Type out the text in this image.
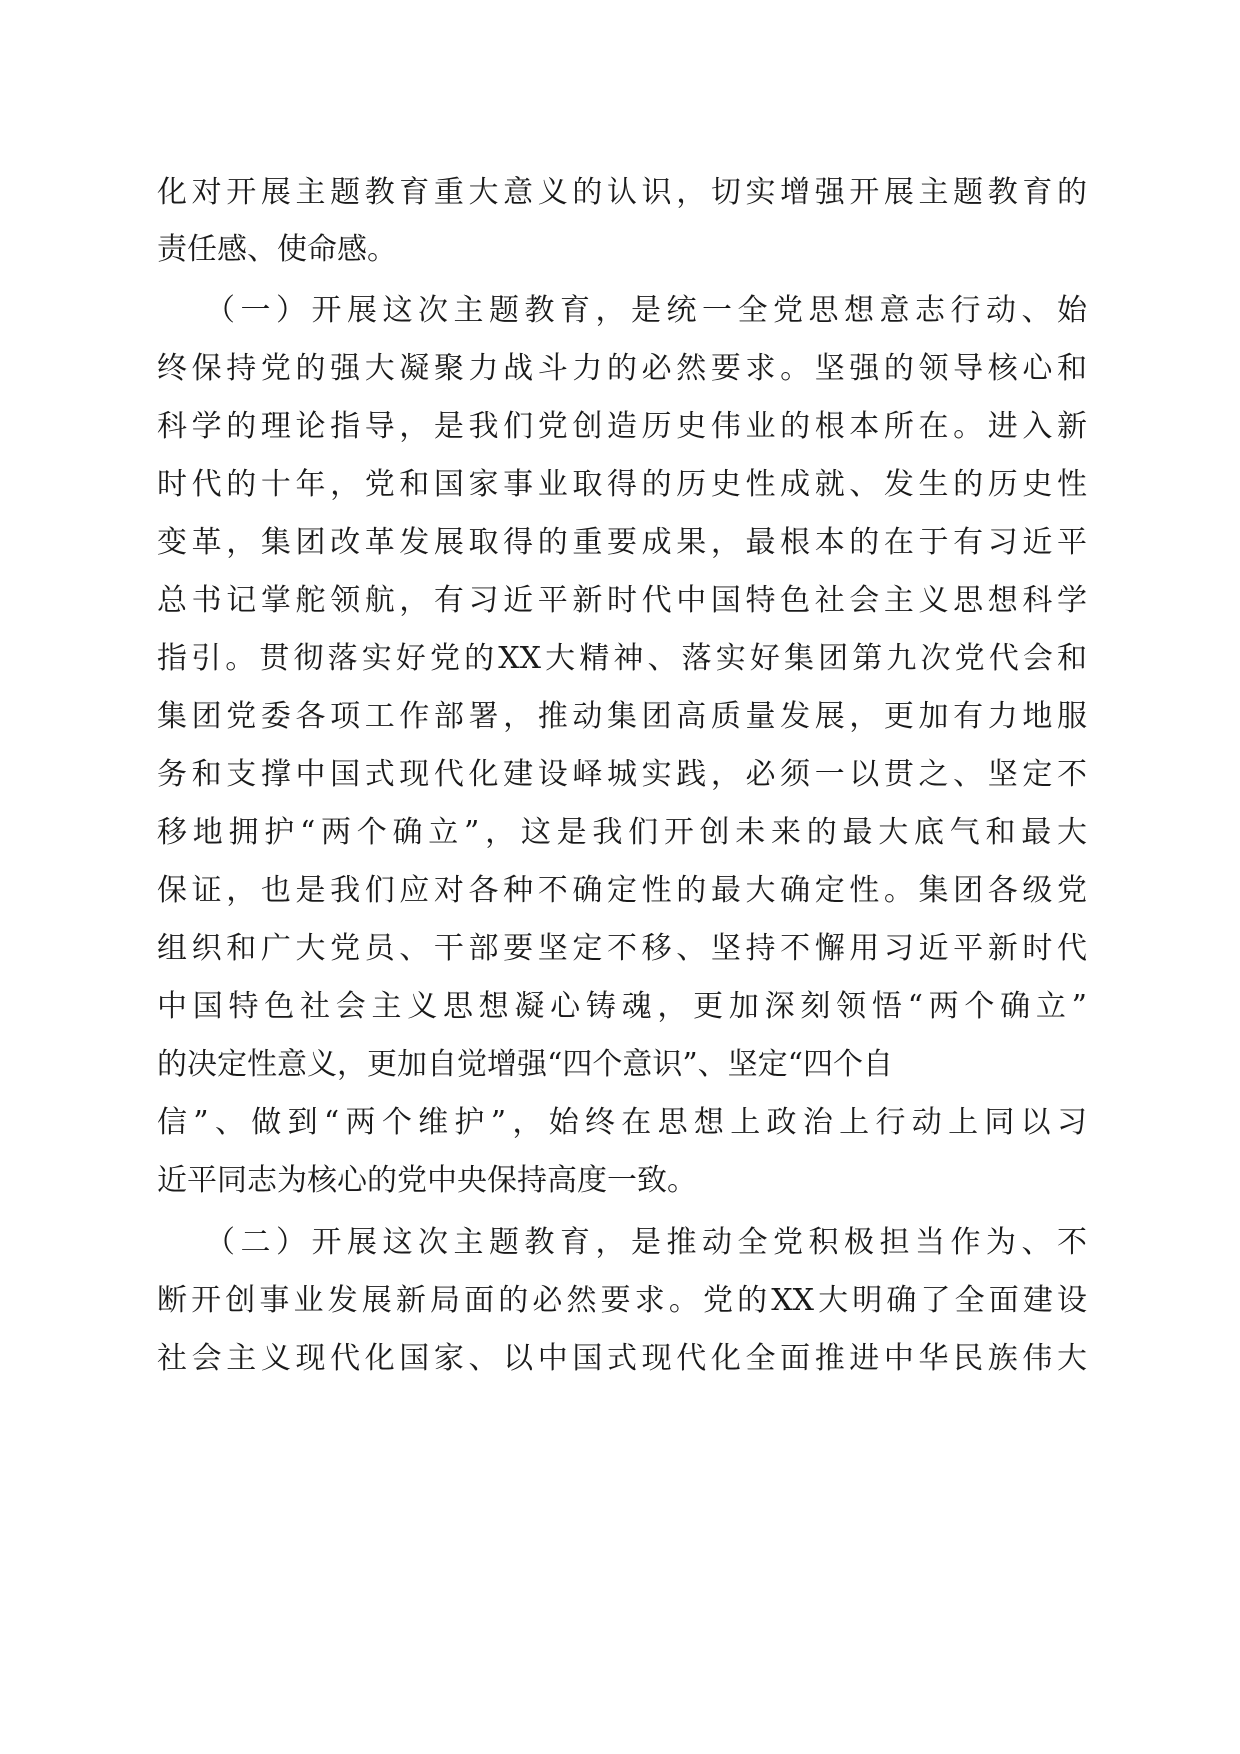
化对开展主题教育重大意义的认识，切实增强开展主题教育的
责任感、使命感。
（一）开展这次主题教育，是统一全党思想意志行动、始
终保持党的强大凝聚力战斗力的必然要求。坚强的领导核心和
科学的理论指导，是我们党创造历史伟业的根本所在。进入新
时代的十年，党和国家事业取得的历史性成就、发生的历史性
变革，集团改革发展取得的重要成果，最根本的在于有习近平
总书记掌舵领航，有习近平新时代中国特色社会主义思想科学
指引。贯彻落实好党的XX大精神、落实好集团第九次党代会和
集团党委各项工作部署，推动集团高质量发展，更加有力地服
务和支撑中国式现代化建设峄城实践，必须一以贯之、坚定不
移地拥护“两个确立”，这是我们开创未来的最大底气和最大
保证，也是我们应对各种不确定性的最大确定性。集团各级党
组织和广大党员、干部要坚定不移、坚持不懈用习近平新时代
中国特色社会主义思想凝心铸魂，更加深刻领悟“两个确立”
的决定性意义，更加自觉增强“四个意识”、坚定“四个自
信”、做到“两个维护”，始终在思想上政治上行动上同以习
近平同志为核心的党中央保持高度一致。
（二）开展这次主题教育，是推动全党积极担当作为、不
断开创事业发展新局面的必然要求。党的XX大明确了全面建设
社会主义现代化国家、以中国式现代化全面推进中华民族伟大
